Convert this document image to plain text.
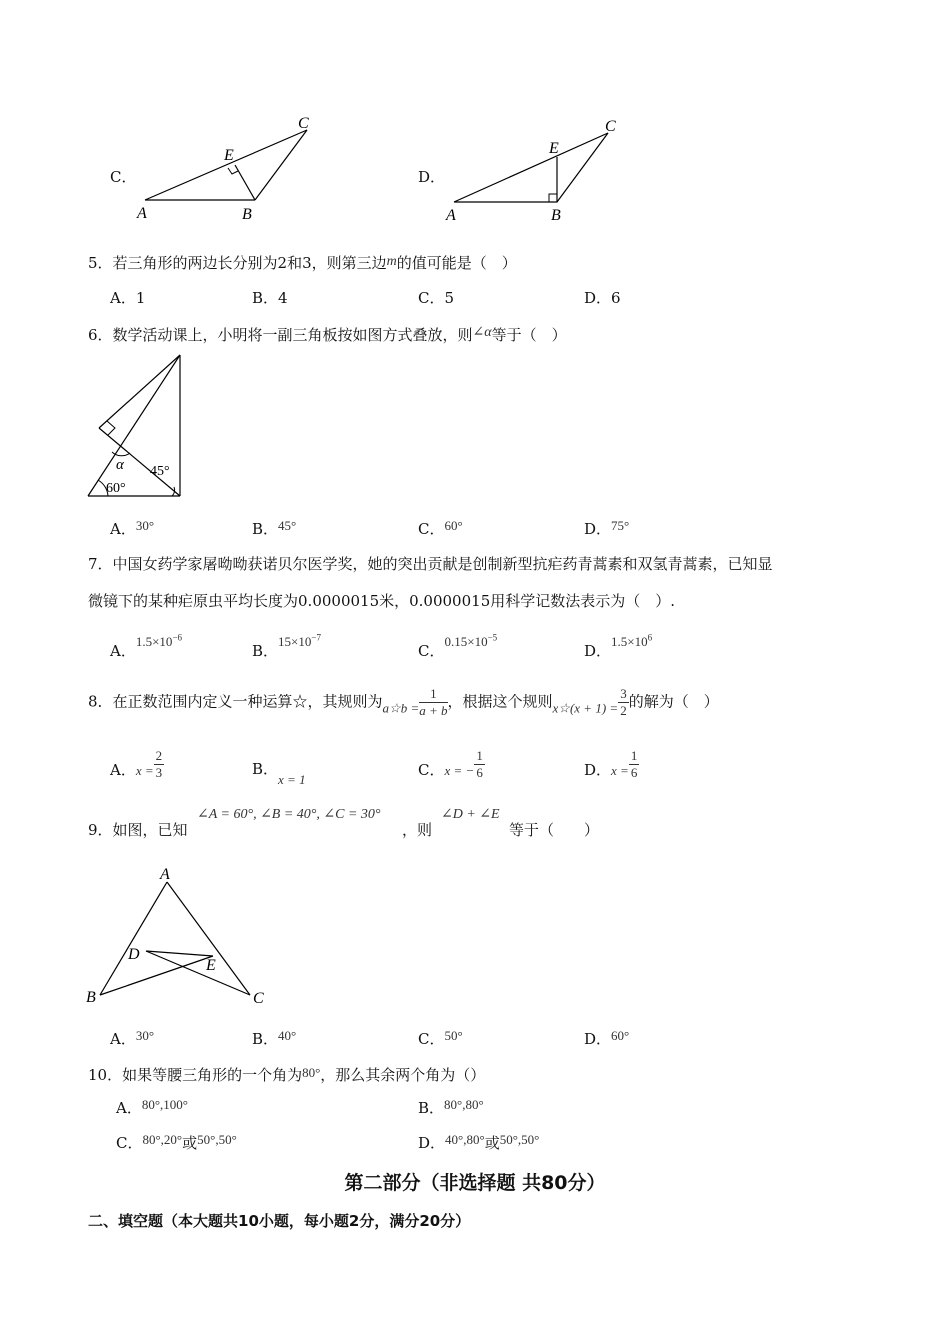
C．
A	B
C
E
D．
A	B
C
E
5．若三角形的两边长分别为2和3，则第三边m的值可能是（　）
A．1	B．4	C．5	D．6
6．数学活动课上，小明将一副三角板按如图方式叠放，则∠α等于（　）
α 45°
60°
A．30°	B．45°	C．60°	D．75°
7．中国女药学家屠呦呦获诺贝尔医学奖，她的突出贡献是创制新型抗疟药青蒿素和双氢青蒿素，已知显
微镜下的某种疟原虫平均长度为0.0000015米，0.0000015用科学记数法表示为（　）.
A．$1.5\times 10^{-6}$
B．$15\times 10^{-7}$
C．$0.15\times 10^{-5}$
D．$1.5\times 10^6$
8．在正数范围内定义一种运算☆，其规则为a☆b = $\frac{1}{a + b}$ ，根据这个规则x☆(x + $1) = \frac{3}{2}$ 的解为（　）
A．$x = \frac{2}{3}$	B．x = 1
C．x = − $\frac{1}{6}$	D．$x = \frac{1}{6}$
9．如图，已知
∠A = 60°, ∠B = 40°, ∠C = 30°
，则
∠D + ∠E
等于（　　）
A
B	C
D
E
A．30°	B．40°	C．50°	D．60°
10．如果等腰三角形的一个角为80°，那么其余两个角为（）
A．80°,100°	B．80°,80°
C．80°,20°或50°,50°	D．40°,80°或50°,50°
第二部分（非选择题 共80分）
二、填空题（本大题共10小题，每小题2分，满分20分）
